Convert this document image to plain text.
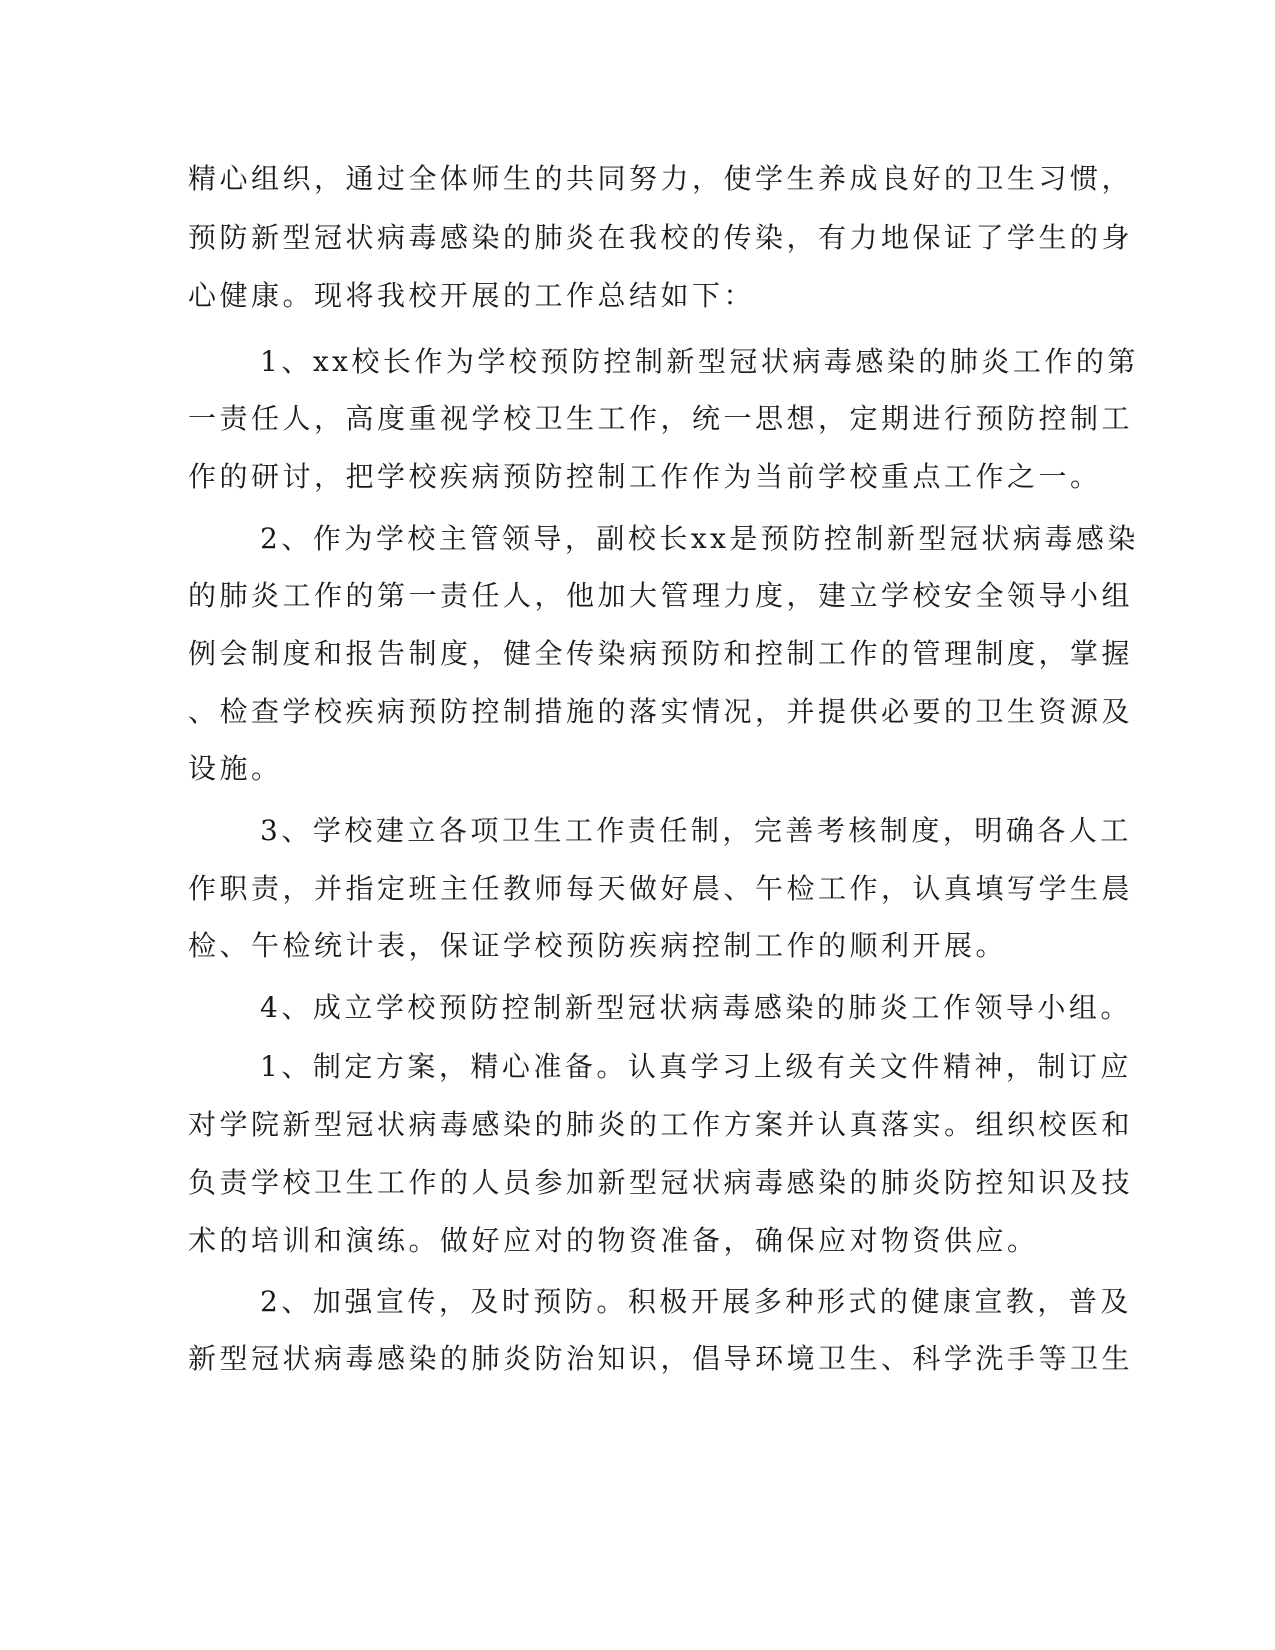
精心组织，通过全体师生的共同努力，使学生养成良好的卫生习惯，
预防新型冠状病毒感染的肺炎在我校的传染，有力地保证了学生的身
心健康。现将我校开展的工作总结如下：
1、xx校长作为学校预防控制新型冠状病毒感染的肺炎工作的第
一责任人，高度重视学校卫生工作，统一思想，定期进行预防控制工
作的研讨，把学校疾病预防控制工作作为当前学校重点工作之一。
2、作为学校主管领导，副校长xx是预防控制新型冠状病毒感染
的肺炎工作的第一责任人，他加大管理力度，建立学校安全领导小组
例会制度和报告制度，健全传染病预防和控制工作的管理制度，掌握
、检查学校疾病预防控制措施的落实情况，并提供必要的卫生资源及
设施。
3、学校建立各项卫生工作责任制，完善考核制度，明确各人工
作职责，并指定班主任教师每天做好晨、午检工作，认真填写学生晨
检、午检统计表，保证学校预防疾病控制工作的顺利开展。
4、成立学校预防控制新型冠状病毒感染的肺炎工作领导小组。
1、制定方案，精心准备。认真学习上级有关文件精神，制订应
对学院新型冠状病毒感染的肺炎的工作方案并认真落实。组织校医和
负责学校卫生工作的人员参加新型冠状病毒感染的肺炎防控知识及技
术的培训和演练。做好应对的物资准备，确保应对物资供应。
2、加强宣传，及时预防。积极开展多种形式的健康宣教，普及
新型冠状病毒感染的肺炎防治知识，倡导环境卫生、科学洗手等卫生
